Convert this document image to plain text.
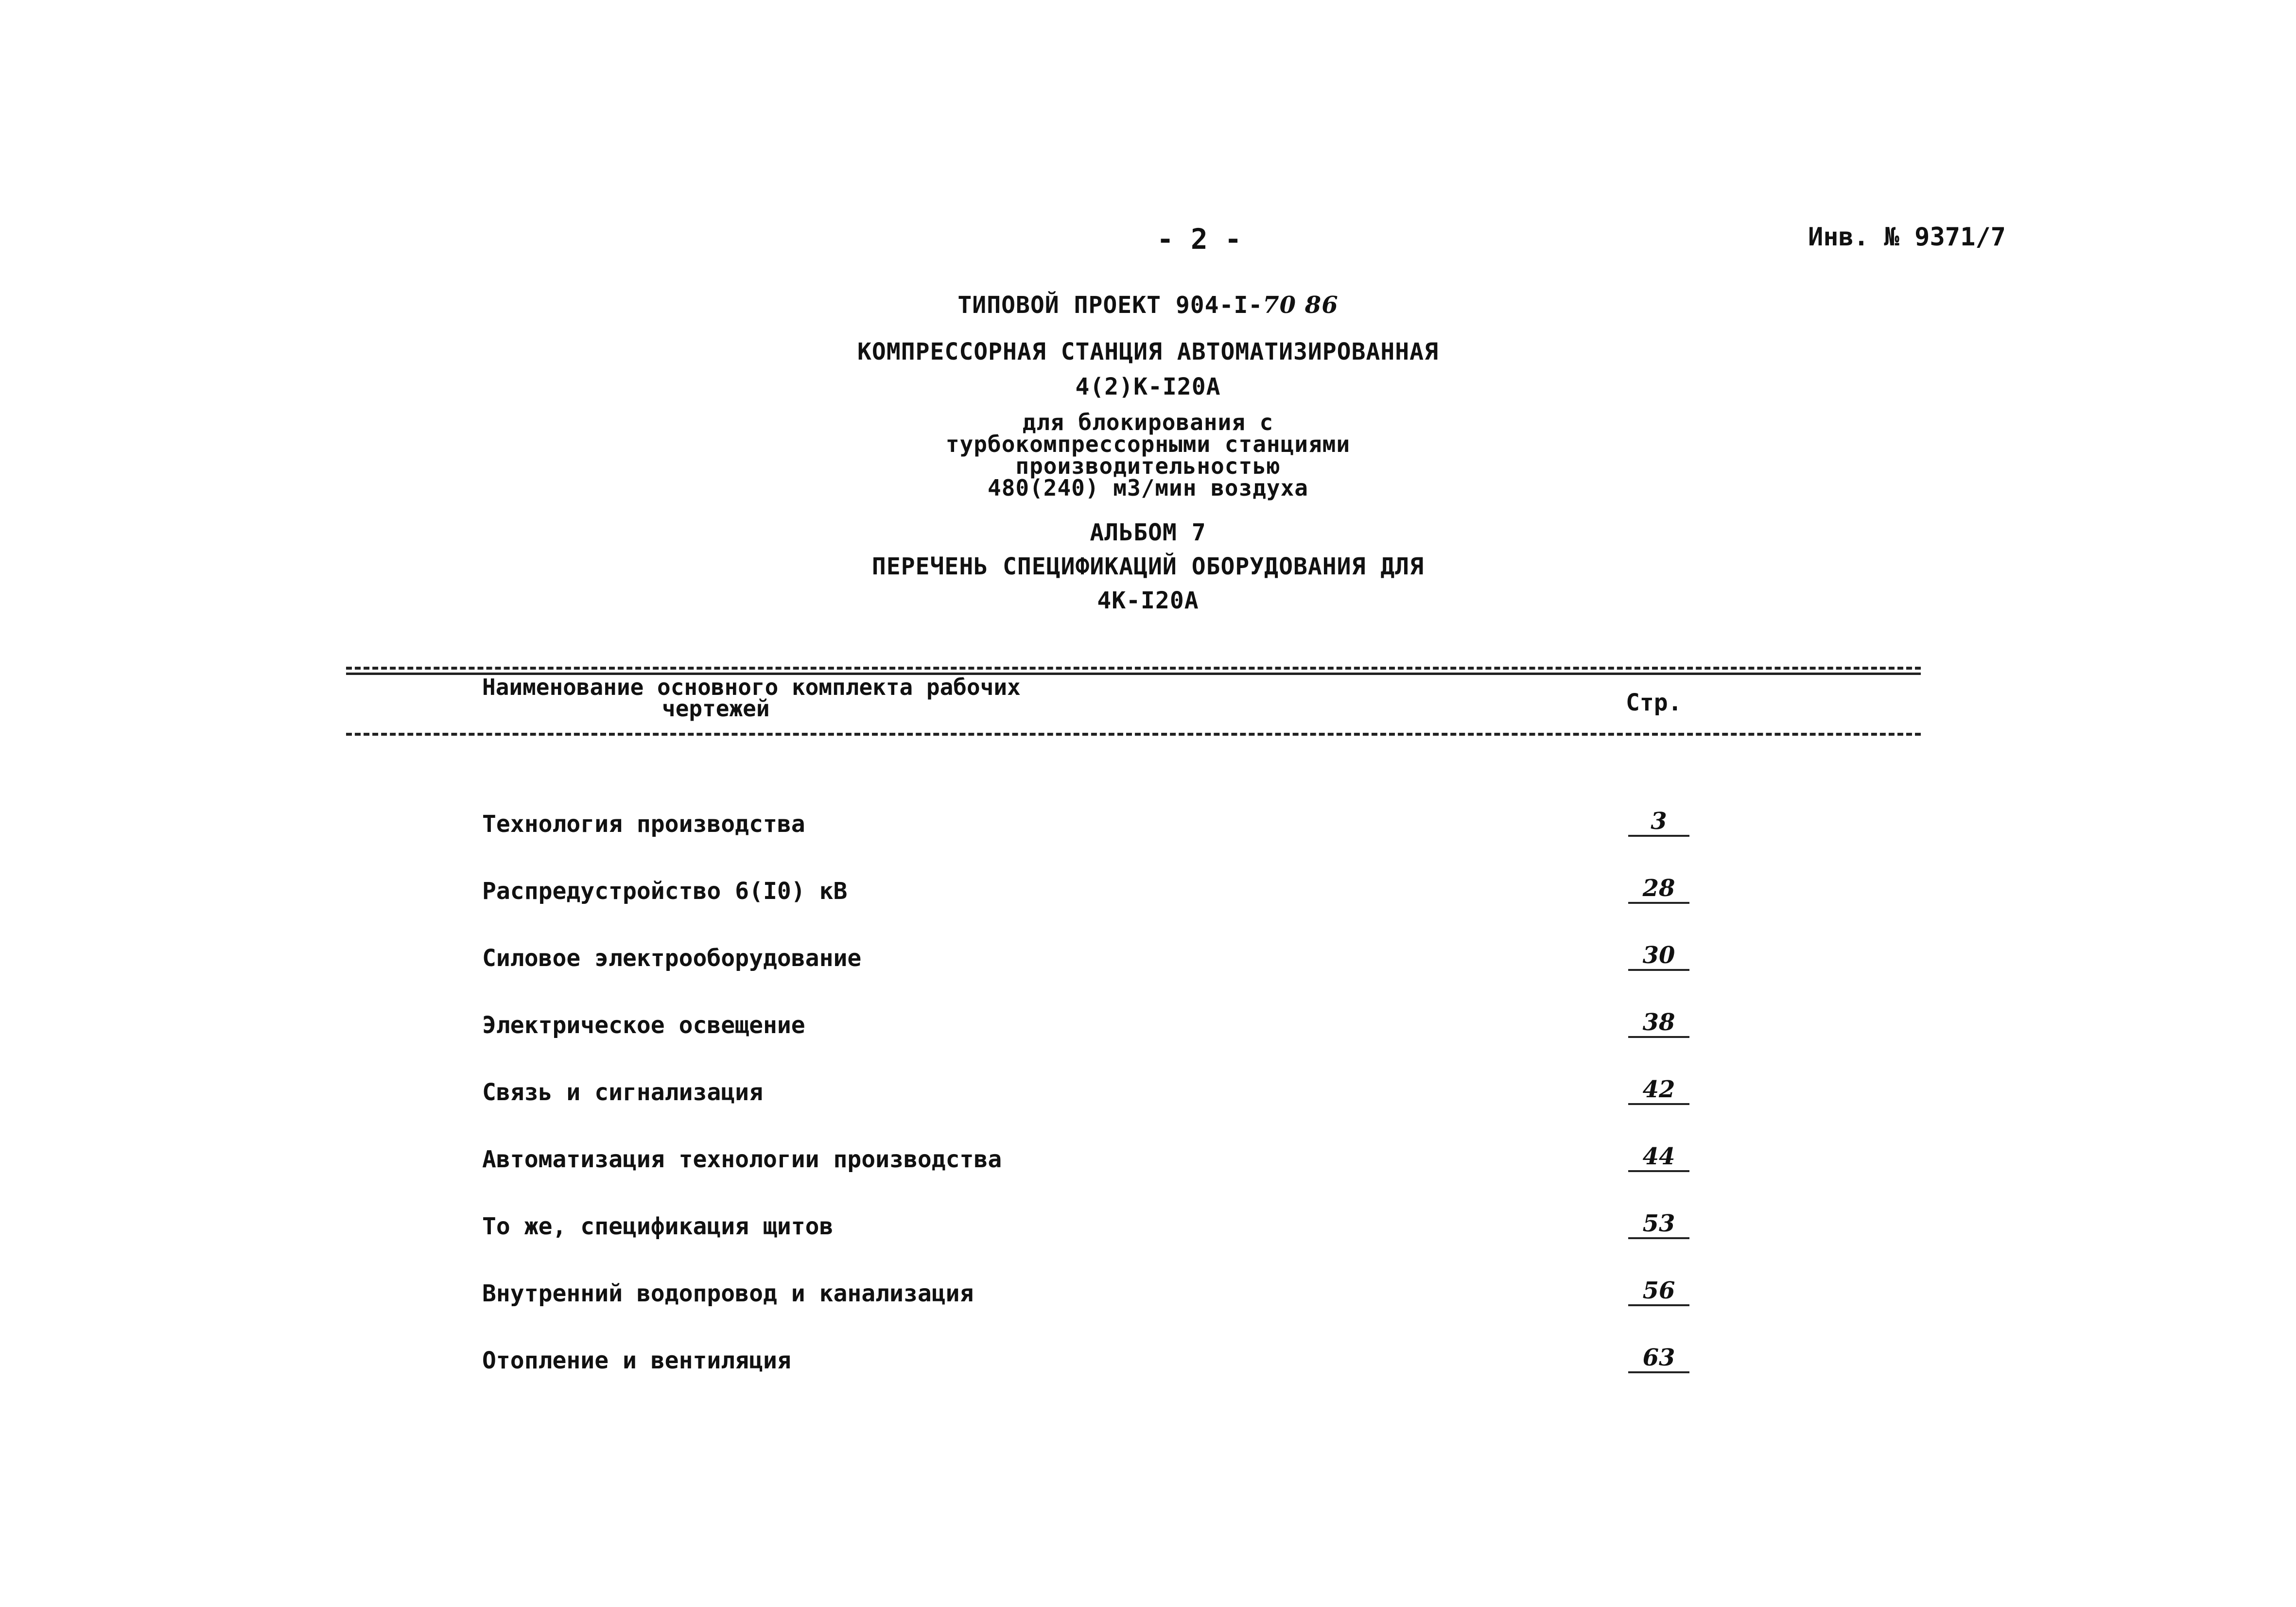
- 2 -	Инв. № 9371/7
ТИПОВОЙ ПРОЕКТ 904-I-70 86
КОМПРЕССОРНАЯ СТАНЦИЯ АВТОМАТИЗИРОВАННАЯ
4(2)К-I20А
для блокирования с
турбокомпрессорными станциями
производительностью
480(240) м3/мин воздуха
АЛЬБОМ 7
ПЕРЕЧЕНЬ СПЕЦИФИКАЦИЙ ОБОРУДОВАНИЯ ДЛЯ
4К-I20А
Наименование основного комплекта рабочих
чертежей	Стр.
Технология производства	3
Распредустройство 6(I0) кВ	28
Силовое электрооборудование	30
Электрическое освещение	38
Связь и сигнализация	42
Автоматизация технологии производства	44
То же, спецификация щитов	53
Внутренний водопровод и канализация	56
Отопление и вентиляция	63
